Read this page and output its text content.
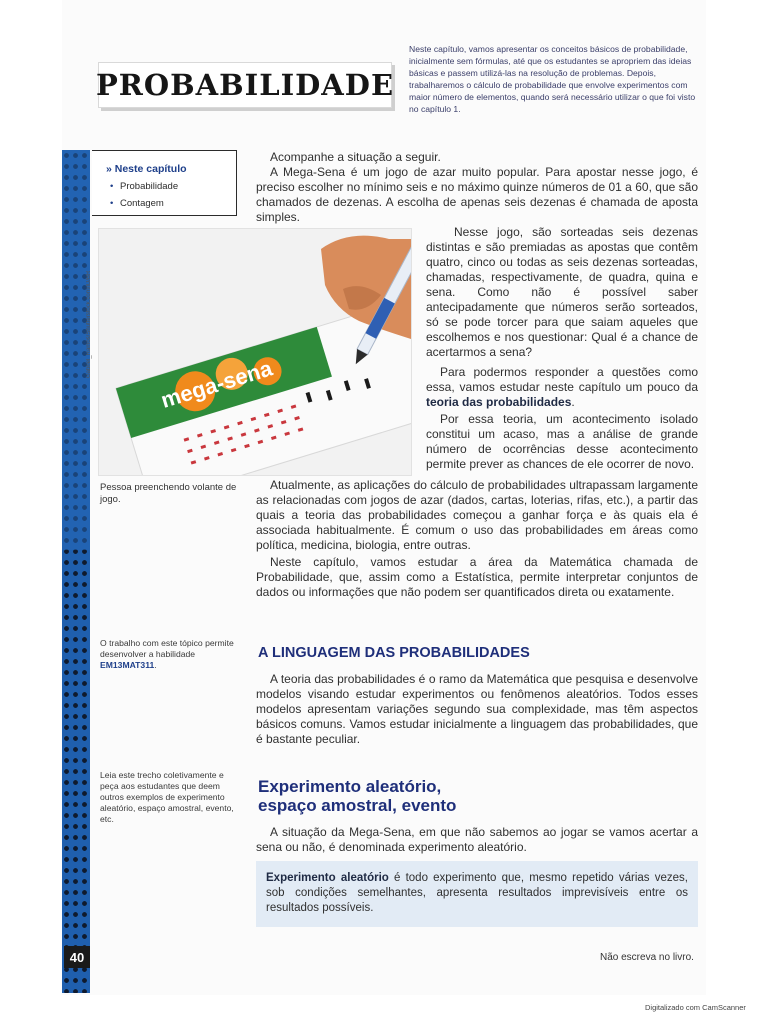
PROBABILIDADE
Neste capítulo, vamos apresentar os conceitos básicos de probabilidade, inicialmente sem fórmulas, até que os estudantes se apropriem das ideias básicas e passem utilizá-las na resolução de problemas. Depois, trabalharemos o cálculo de probabilidade que envolve experimentos com maior número de elementos, quando será necessário utilizar o que foi visto no capítulo 1.
» Neste capítulo
• Probabilidade
• Contagem
Gabriel_Ramos/Shutterstock.com/ID/BR
mega-sena
Pessoa preenchendo volante de jogo.
Acompanhe a situação a seguir.
A Mega-Sena é um jogo de azar muito popular. Para apostar nesse jogo, é preciso escolher no mínimo seis e no máximo quinze números de 01 a 60, que são chamados de dezenas. A escolha de apenas seis dezenas é chamada de aposta simples.
Nesse jogo, são sorteadas seis dezenas distintas e são premiadas as apostas que contêm quatro, cinco ou todas as seis dezenas sorteadas, chamadas, respectivamente, de quadra, quina e sena. Como não é possível saber antecipadamente que números serão sorteados, só se pode torcer para que saiam aqueles que escolhemos e nos questionar: Qual é a chance de acertarmos a sena?
Para podermos responder a questões como essa, vamos estudar neste capítulo um pouco da teoria das probabilidades.
Por essa teoria, um acontecimento isolado constitui um acaso, mas a análise de grande número de ocorrências desse acontecimento permite prever as chances de ele ocorrer de novo.
Atualmente, as aplicações do cálculo de probabilidades ultrapassam largamente as relacionadas com jogos de azar (dados, cartas, loterias, rifas, etc.), a partir das quais a teoria das probabilidades começou a ganhar força e às quais ela é associada habitualmente. É comum o uso das probabilidades em áreas como política, medicina, biologia, entre outras.
Neste capítulo, vamos estudar a área da Matemática chamada de Probabilidade, que, assim como a Estatística, permite interpretar conjuntos de dados ou informações que não podem ser quantificados direta ou exatamente.
O trabalho com este tópico permite desenvolver a habilidade EM13MAT311.
A LINGUAGEM DAS PROBABILIDADES
A teoria das probabilidades é o ramo da Matemática que pesquisa e desenvolve modelos visando estudar experimentos ou fenômenos aleatórios. Todos esses modelos apresentam variações segundo sua complexidade, mas têm aspectos básicos comuns. Vamos estudar inicialmente a linguagem das probabilidades, que é bastante peculiar.
Leia este trecho coletivamente e peça aos estudantes que deem outros exemplos de experimento aleatório, espaço amostral, evento, etc.
Experimento aleatório,
espaço amostral, evento
A situação da Mega-Sena, em que não sabemos ao jogar se vamos acertar a sena ou não, é denominada experimento aleatório.
Experimento aleatório é todo experimento que, mesmo repetido várias vezes, sob condições semelhantes, apresenta resultados imprevisíveis entre os resultados possíveis.
40	Não escreva no livro.
Digitalizado com CamScanner
